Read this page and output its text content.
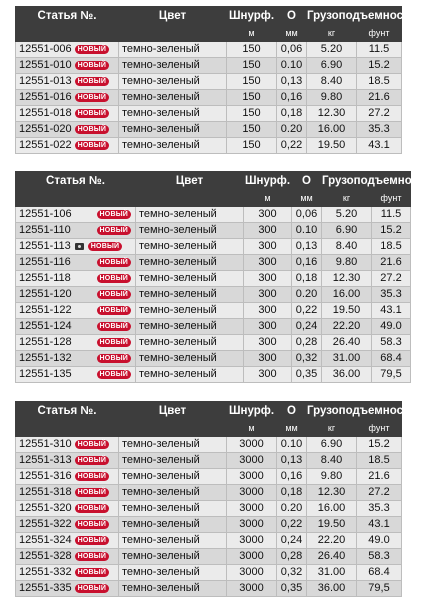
Статья №.	Цвет	Шнурф.	О	Грузоподъемность	
		м	мм	кг	фунт

12551-006 НОВЫЙ	темно-зеленый	150	0,06	5.20	11.5

12551-010 НОВЫЙ	темно-зеленый	150	0.10	6.90	15.2

12551-013 НОВЫЙ	темно-зеленый	150	0,13	8.40	18.5

12551-016 НОВЫЙ	темно-зеленый	150	0,16	9.80	21.6

12551-018 НОВЫЙ	темно-зеленый	150	0,18	12.30	27.2

12551-020 НОВЫЙ	темно-зеленый	150	0.20	16.00	35.3

12551-022 НОВЫЙ	темно-зеленый	150	0,22	19.50	43.1
Статья №.	Цвет	Шнурф.	О	Грузоподъемность	
		м	мм	кг	фунт

12551-106 НОВЫЙ	темно-зеленый	300	0,06	5.20	11.5

12551-110 НОВЫЙ	темно-зеленый	300	0.10	6.90	15.2

12551-113 НОВЫЙ	темно-зеленый	300	0,13	8.40	18.5

12551-116 НОВЫЙ	темно-зеленый	300	0,16	9.80	21.6

12551-118 НОВЫЙ	темно-зеленый	300	0,18	12.30	27.2

12551-120 НОВЫЙ	темно-зеленый	300	0.20	16.00	35.3

12551-122 НОВЫЙ	темно-зеленый	300	0,22	19.50	43.1

12551-124 НОВЫЙ	темно-зеленый	300	0,24	22.20	49.0

12551-128 НОВЫЙ	темно-зеленый	300	0,28	26.40	58.3

12551-132 НОВЫЙ	темно-зеленый	300	0,32	31.00	68.4

12551-135 НОВЫЙ	темно-зеленый	300	0,35	36.00	79,5
Статья №.	Цвет	Шнурф.	О	Грузоподъемность	
		м	мм	кг	фунт

12551-310 НОВЫЙ	темно-зеленый	3000	0.10	6.90	15.2

12551-313 НОВЫЙ	темно-зеленый	3000	0,13	8.40	18.5

12551-316 НОВЫЙ	темно-зеленый	3000	0,16	9.80	21.6

12551-318 НОВЫЙ	темно-зеленый	3000	0,18	12.30	27.2

12551-320 НОВЫЙ	темно-зеленый	3000	0.20	16.00	35.3

12551-322 НОВЫЙ	темно-зеленый	3000	0,22	19.50	43.1

12551-324 НОВЫЙ	темно-зеленый	3000	0,24	22.20	49.0

12551-328 НОВЫЙ	темно-зеленый	3000	0,28	26.40	58.3

12551-332 НОВЫЙ	темно-зеленый	3000	0,32	31.00	68.4

12551-335 НОВЫЙ	темно-зеленый	3000	0,35	36.00	79,5
